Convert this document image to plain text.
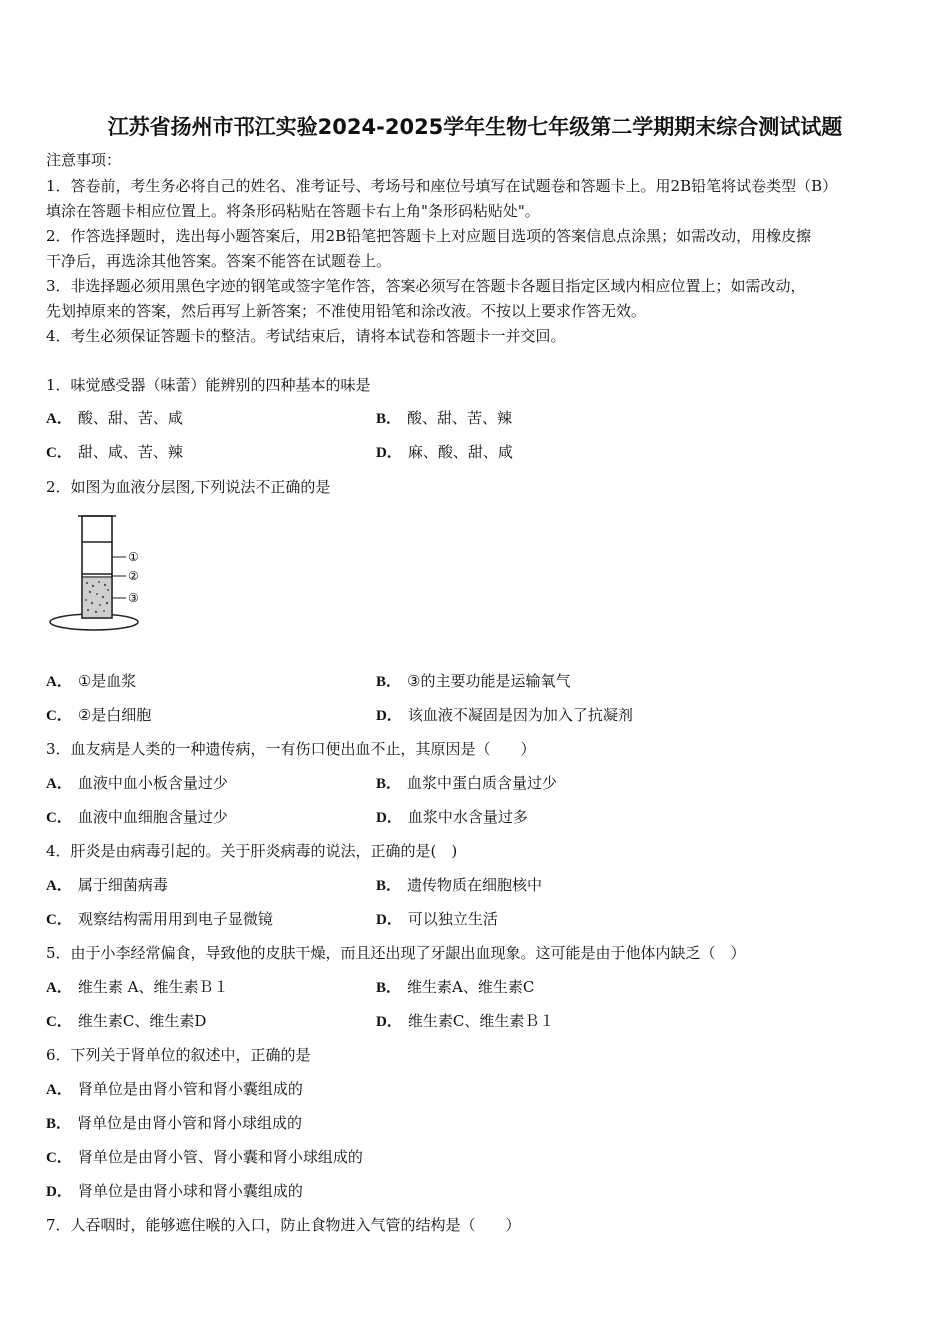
江苏省扬州市邗江实验2024-2025学年生物七年级第二学期期末综合测试试题
注意事项：
1．答卷前，考生务必将自己的姓名、准考证号、考场号和座位号填写在试题卷和答题卡上。用2B铅笔将试卷类型（B）
填涂在答题卡相应位置上。将条形码粘贴在答题卡右上角"条形码粘贴处"。
2．作答选择题时，选出每小题答案后，用2B铅笔把答题卡上对应题目选项的答案信息点涂黑；如需改动，用橡皮擦
干净后，再选涂其他答案。答案不能答在试题卷上。
3．非选择题必须用黑色字迹的钢笔或签字笔作答，答案必须写在答题卡各题目指定区域内相应位置上；如需改动，
先划掉原来的答案，然后再写上新答案；不准使用铅笔和涂改液。不按以上要求作答无效。
4．考生必须保证答题卡的整洁。考试结束后，请将本试卷和答题卡一并交回。
1．味觉感受器（味蕾）能辨别的四种基本的味是
A． 酸、甜、苦、咸	B． 酸、甜、苦、辣
C． 甜、咸、苦、辣	D． 麻、酸、甜、咸
2．如图为血液分层图,下列说法不正确的是
①
②
③
A． ①是血浆	B． ③的主要功能是运输氧气
C． ②是白细胞	D． 该血液不凝固是因为加入了抗凝剂
3．血友病是人类的一种遗传病，一有伤口便出血不止，其原因是（　　）
A． 血液中血小板含量过少	B． 血浆中蛋白质含量过少
C． 血液中血细胞含量过少	D． 血浆中水含量过多
4．肝炎是由病毒引起的。关于肝炎病毒的说法，正确的是(　)
A． 属于细菌病毒	B． 遗传物质在细胞核中
C． 观察结构需用用到电子显微镜	D． 可以独立生活
5．由于小李经常偏食，导致他的皮肤干燥，而且还出现了牙龈出血现象。这可能是由于他体内缺乏（　）
A． 维生素 A、维生素Ｂ１	B． 维生素A、维生素C
C． 维生素C、维生素D	D． 维生素C、维生素Ｂ１
6．下列关于肾单位的叙述中，正确的是
A． 肾单位是由肾小管和肾小囊组成的
B． 肾单位是由肾小管和肾小球组成的
C． 肾单位是由肾小管、肾小囊和肾小球组成的
D． 肾单位是由肾小球和肾小囊组成的
7．人吞咽时，能够遮住喉的入口，防止食物进入气管的结构是（　　）
